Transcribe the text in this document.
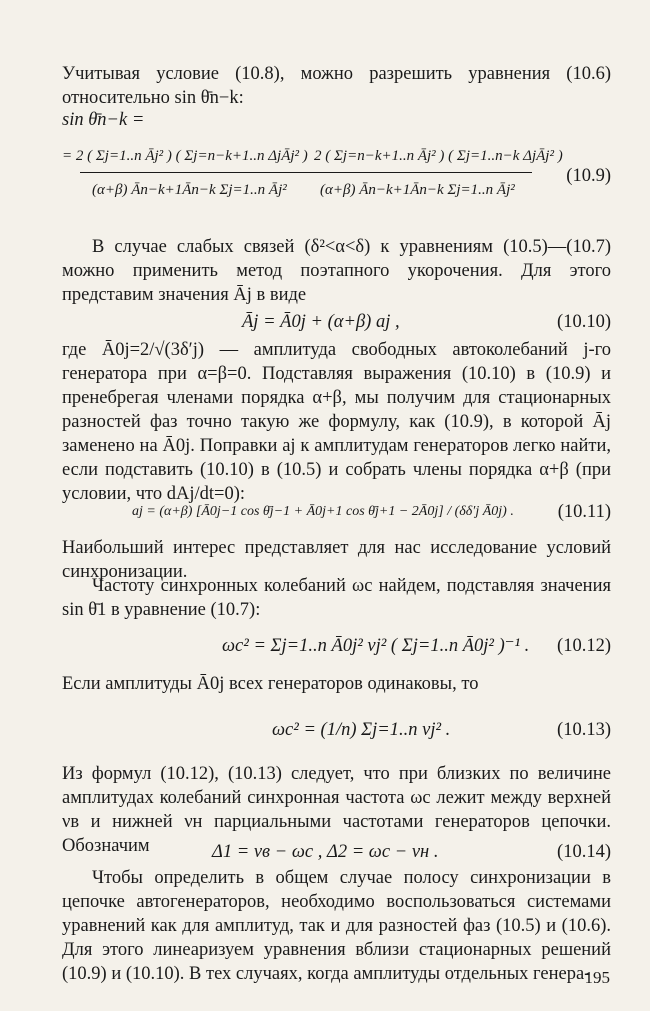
Учитывая условие (10.8), можно разрешить уравнения (10.6) относительно sin θ̄n−k:
sin θ̄n−k =
= 2 ( Σj=1..n Āj² ) ( Σj=n−k+1..n ΔjĀj² )
(α+β) Ān−k+1Ān−k Σj=1..n Āj²
2 ( Σj=n−k+1..n Āj² ) ( Σj=1..n−k ΔjĀj² )
(α+β) Ān−k+1Ān−k Σj=1..n Āj²
(10.9)
В случае слабых связей (δ²<α<δ) к уравнениям (10.5)—(10.7) можно применить метод поэтапного укорочения. Для этого представим значения Āj в виде
Āj = Ā0j + (α+β) aj ,	(10.10)
где Ā0j=2/√(3δ′j) — амплитуда свободных автоколебаний j-го генератора при α=β=0. Подставляя выражения (10.10) в (10.9) и пренебрегая членами порядка α+β, мы получим для стационарных разностей фаз точно такую же формулу, как (10.9), в которой Āj заменено на Ā0j. Поправки aj к амплитудам генераторов легко найти, если подставить (10.10) в (10.5) и собрать члены порядка α+β (при условии, что dAj/dt=0):
aj = (α+β) [Ā0j−1 cos θ̄j−1 + Ā0j+1 cos θ̄j+1 − 2Ā0j] / (δδ′j Ā0j) . (10.11)
Наибольший интерес представляет для нас исследование условий синхронизации.
Частоту синхронных колебаний ωc найдем, подставляя значения sin θ̄1 в уравнение (10.7):
ωc² = Σj=1..n Ā0j² νj² ( Σj=1..n Ā0j² )⁻¹ . (10.12)
Если амплитуды Ā0j всех генераторов одинаковы, то
ωc² = (1/n) Σj=1..n νj² .	(10.13)
Из формул (10.12), (10.13) следует, что при близких по величине амплитудах колебаний синхронная частота ωc лежит между верхней νв и нижней νн парциальными частотами генераторов цепочки. Обозначим	Δ1 = νв − ωc , Δ2 = ωc − νн .	(10.14)
Чтобы определить в общем случае полосу синхронизации в цепочке автогенераторов, необходимо воспользоваться системами уравнений как для амплитуд, так и для разностей фаз (10.5) и (10.6). Для этого линеаризуем уравнения вблизи стационарных решений (10.9) и (10.10). В тех случаях, когда амплитуды отдельных генера-
195
